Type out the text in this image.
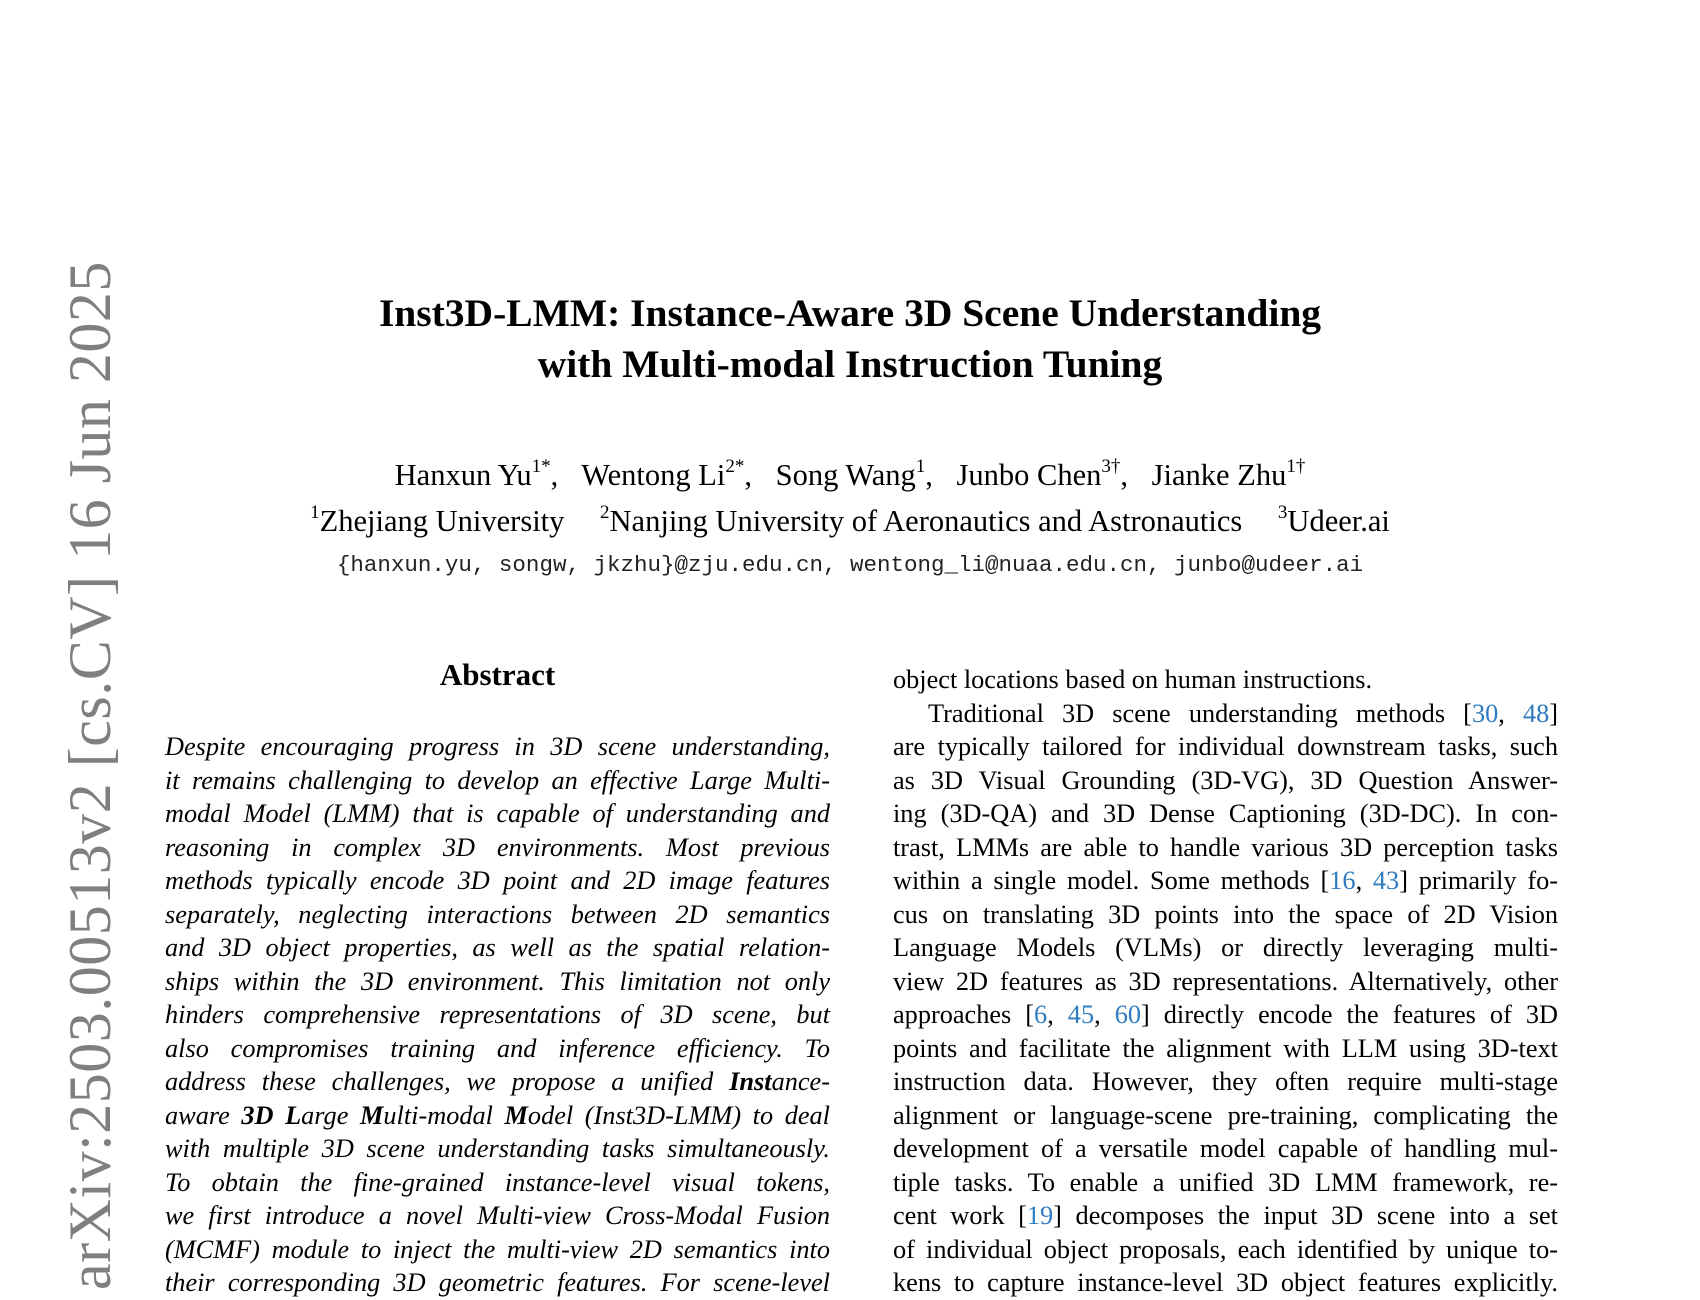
arXiv:2503.00513v2 [cs.CV] 16 Jun 2025	Inst3D-LMM: Instance-Aware 3D Scene Understanding
with Multi-modal Instruction Tuning
Hanxun $Yu^{1*}$, Wentong $Li^{2*}$, Song Wang$^1$, Junbo Chen$^{3\dagger}$, Jianke Zhu$^{1\dagger}$
$^1$Zhejiang University $^2$Nanjing University of Aeronautics and Astronautics $^3$Udeer.ai
{hanxun.yu, songw, jkzhu}@zju.edu.cn, wentong_li@nuaa.edu.cn, junbo@udeer.ai
Abstract
Despite encouraging progress in 3D scene understanding,
it remains challenging to develop an effective Large Multi-
modal Model (LMM) that is capable of understanding and
reasoning in complex 3D environments. Most previous
methods typically encode 3D point and 2D image features
separately, neglecting interactions between 2D semantics
and 3D object properties, as well as the spatial relation-
ships within the 3D environment. This limitation not only
hinders comprehensive representations of 3D scene, but
also compromises training and inference efficiency. To
address these challenges, we propose a unified Instance-
aware 3D Large Multi-modal Model (Inst3D-LMM) to deal
with multiple 3D scene understanding tasks simultaneously.
To obtain the fine-grained instance-level visual tokens,
we first introduce a novel Multi-view Cross-Modal Fusion
(MCMF) module to inject the multi-view 2D semantics into
their corresponding 3D geometric features. For scene-level
object locations based on human instructions.
Traditional 3D scene understanding methods [30, 48]
are typically tailored for individual downstream tasks, such
as 3D Visual Grounding (3D-VG), 3D Question Answer-
ing (3D-QA) and 3D Dense Captioning (3D-DC). In con-
trast, LMMs are able to handle various 3D perception tasks
within a single model. Some methods [16, 43] primarily fo-
cus on translating 3D points into the space of 2D Vision
Language Models (VLMs) or directly leveraging multi-
view 2D features as 3D representations. Alternatively, other
approaches [6, 45, 60] directly encode the features of 3D
points and facilitate the alignment with LLM using 3D-text
instruction data. However, they often require multi-stage
alignment or language-scene pre-training, complicating the
development of a versatile model capable of handling mul-
tiple tasks. To enable a unified 3D LMM framework, re-
cent work [19] decomposes the input 3D scene into a set
of individual object proposals, each identified by unique to-
kens to capture instance-level 3D object features explicitly.
